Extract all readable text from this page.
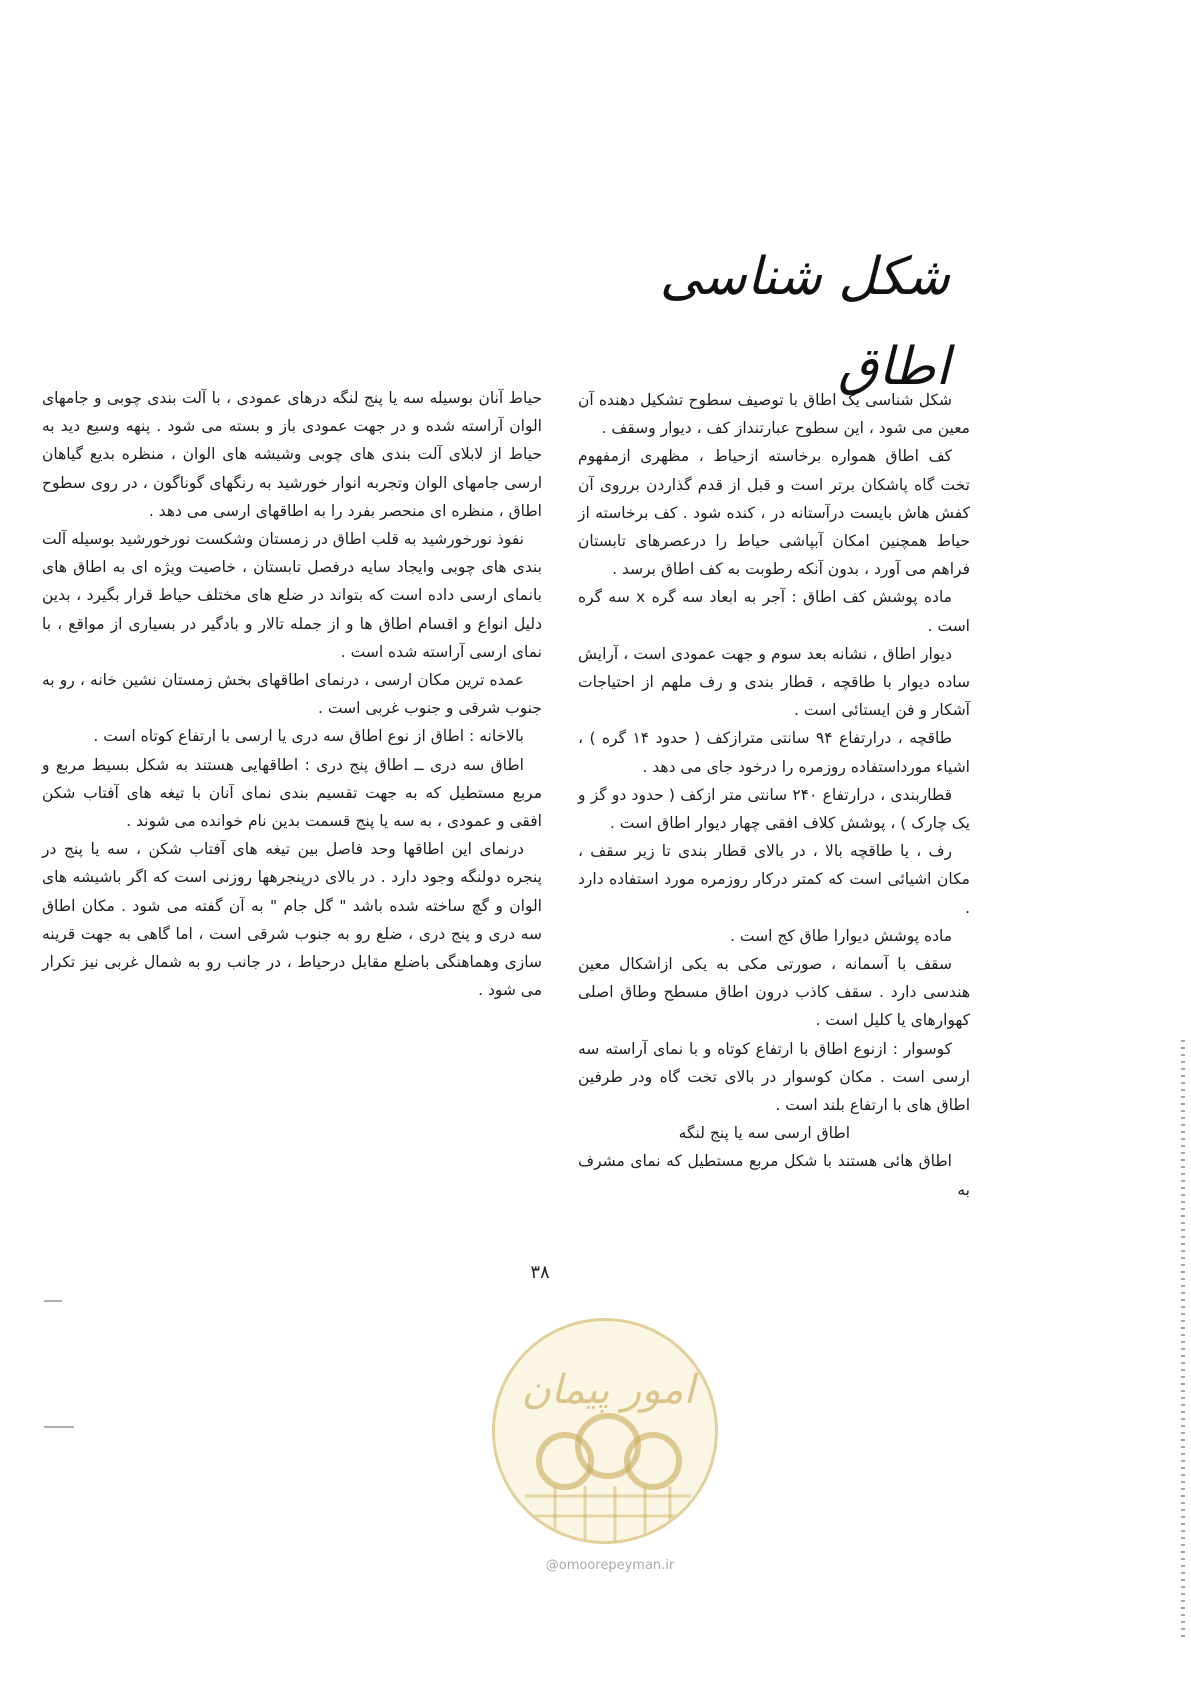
شکل شناسی اطاق

شکل شناسی یک اطاق با توصیف سطوح تشکیل دهنده آن معین می شود ، این سطوح عبارتنداز کف ، دیوار وسقف .

کف اطاق همواره برخاسته ازحیاط ، مظهری ازمفهوم تخت گاه پاشکان برتر است و قبل از قدم گذاردن برروی آن کفش هاش بایست درآستانه در ، کنده شود . کف برخاسته از حیاط همچنین امکان آبپاشی حیاط را درعصرهای تابستان فراهم می آورد ، بدون آنکه رطوبت به کف اطاق برسد .

ماده پوشش کف اطاق : آجر به ابعاد سه گره x سه گره است .

دیوار اطاق ، نشانه بعد سوم و جهت عمودی است ، آرایش ساده دیوار با طاقچه ، قطار بندی و رف ملهم از احتیاجات آشکار و فن ایستائی است .

طاقچه ، درارتفاع ۹۴ سانتی مترازکف ( حدود ۱۴ گره ) ، اشیاء مورداستفاده روزمره را درخود جای می دهد .

قطاربندی ، درارتفاع ۲۴۰ سانتی متر ازکف ( حدود دو گز و یک چارک ) ، پوشش کلاف افقی چهار دیوار اطاق است .

رف ، یا طاقچه بالا ، در بالای قطار بندی تا زیر سقف ، مکان اشیائی است که کمتر درکار روزمره مورد استفاده دارد .

ماده پوشش دیوارا طاق کج است .

سقف با آسمانه ، صورتی مکی به یکی ازاشکال معین هندسی دارد . سقف کاذب درون اطاق مسطح وطاق اصلی کهوارهای یا کلیل است .

کوسوار : ازنوع اطاق با ارتفاع کوتاه و با نمای آراسته سه ارسی است . مکان کوسوار در بالای تخت گاه ودر طرفین اطاق های با ارتفاع بلند است .

اطاق ارسی سه یا پنج لنگه

اطاق هائی هستند با شکل مربع مستطیل که نمای مشرف به

حیاط آنان بوسیله سه یا پنج لنگه درهای عمودی ، با آلت بندی چوبی و جامهای الوان آراسته شده و در جهت عمودی باز و بسته می شود . پنهه وسیع دید به حیاط از لابلای آلت بندی های چوبی وشیشه های الوان ، منظره بدیع گیاهان ارسی جامهای الوان وتجربه انوار خورشید به رنگهای گوناگون ، در روی سطوح اطاق ، منظره ای منحصر بفرد را به اطاقهای ارسی می دهد .

نفوذ نورخورشید به قلب اطاق در زمستان وشکست نورخورشید بوسیله آلت بندی های چوبی وایجاد سایه درفصل تابستان ، خاصیت ویژه ای به اطاق های بانمای ارسی داده است که بتواند در ضلع های مختلف حیاط قرار بگیرد ، بدین دلیل انواع و اقسام اطاق ها و از جمله تالار و بادگیر در بسیاری از مواقع ، با نمای ارسی آراسته شده است .

عمده ترین مکان ارسی ، درنمای اطاقهای بخش زمستان نشین خانه ، رو به جنوب شرقی و جنوب غربی است .

بالاخانه : اطاق از نوع اطاق سه دری یا ارسی با ارتفاع کوتاه است .

اطاق سه دری ــ اطاق پنج دری : اطاقهایی هستند به شکل بسیط مربع و مربع مستطیل که به جهت تقسیم بندی نمای آنان با تیغه های آفتاب شکن افقی و عمودی ، به سه یا پنج قسمت بدین نام خوانده می شوند .

درنمای این اطاقها وحد فاصل بین تیغه های آفتاب شکن ، سه یا پنج در پنجره دولنگه وجود دارد . در بالای درپنجرهها روزنی است که اگر باشیشه های الوان و گچ ساخته شده باشد " گل جام " به آن گفته می شود . مکان اطاق سه دری و پنج دری ، ضلع رو به جنوب شرقی است ، اما گاهی به جهت قرینه سازی وهماهنگی باضلع مقابل درحیاط ، در جانب رو به شمال غربی نیز تکرار می شود .

۳۸
امور پیمان
@omoorepeyman.ir
